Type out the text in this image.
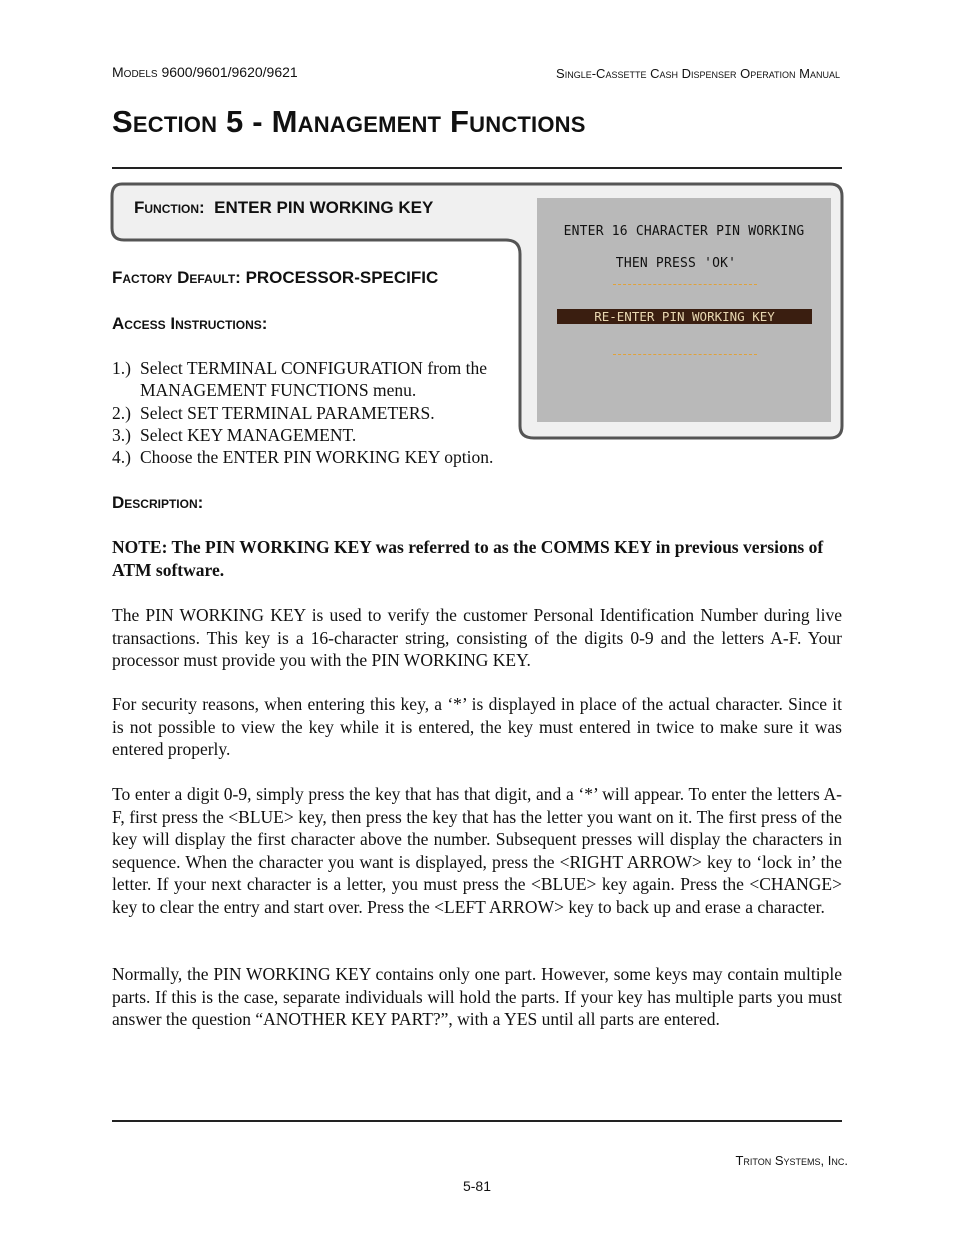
Models 9600/9601/9620/9621	Single-Cassette Cash Dispenser Operation Manual
Section 5 - Management Functions
Function: ENTER PIN WORKING KEY
ENTER 16 CHARACTER PIN WORKING
THEN PRESS 'OK'
RE-ENTER PIN WORKING KEY
Factory Default: PROCESSOR-SPECIFIC
Access Instructions:
1.) Select TERMINAL CONFIGURATION from the
MANAGEMENT FUNCTIONS menu.
2.) Select SET TERMINAL PARAMETERS.
3.) Select KEY MANAGEMENT.
4.) Choose the ENTER PIN WORKING KEY option.
Description:
NOTE: The PIN WORKING KEY was referred to as the COMMS KEY in previous versions of ATM software.
The PIN WORKING KEY is used to verify the customer Personal Identification Number during live transactions. This key is a 16-character string, consisting of the digits 0-9 and the letters A-F. Your processor must provide you with the PIN WORKING KEY.
For security reasons, when entering this key, a ‘*’ is displayed in place of the actual character. Since it is not possible to view the key while it is entered, the key must entered in twice to make sure it was entered properly.
To enter a digit 0-9, simply press the key that has that digit, and a ‘*’ will appear. To enter the letters A-F, first press the <BLUE> key, then press the key that has the letter you want on it. The first press of the key will display the first character above the number. Subsequent presses will display the characters in sequence. When the character you want is displayed, press the <RIGHT ARROW> key to ‘lock in’ the letter. If your next character is a letter, you must press the <BLUE> key again. Press the <CHANGE> key to clear the entry and start over. Press the <LEFT ARROW> key to back up and erase a character.
Normally, the PIN WORKING KEY contains only one part. However, some keys may contain multiple parts. If this is the case, separate individuals will hold the parts. If your key has multiple parts you must answer the question “ANOTHER KEY PART?”, with a YES until all parts are entered.
Triton Systems, Inc.
5-81
